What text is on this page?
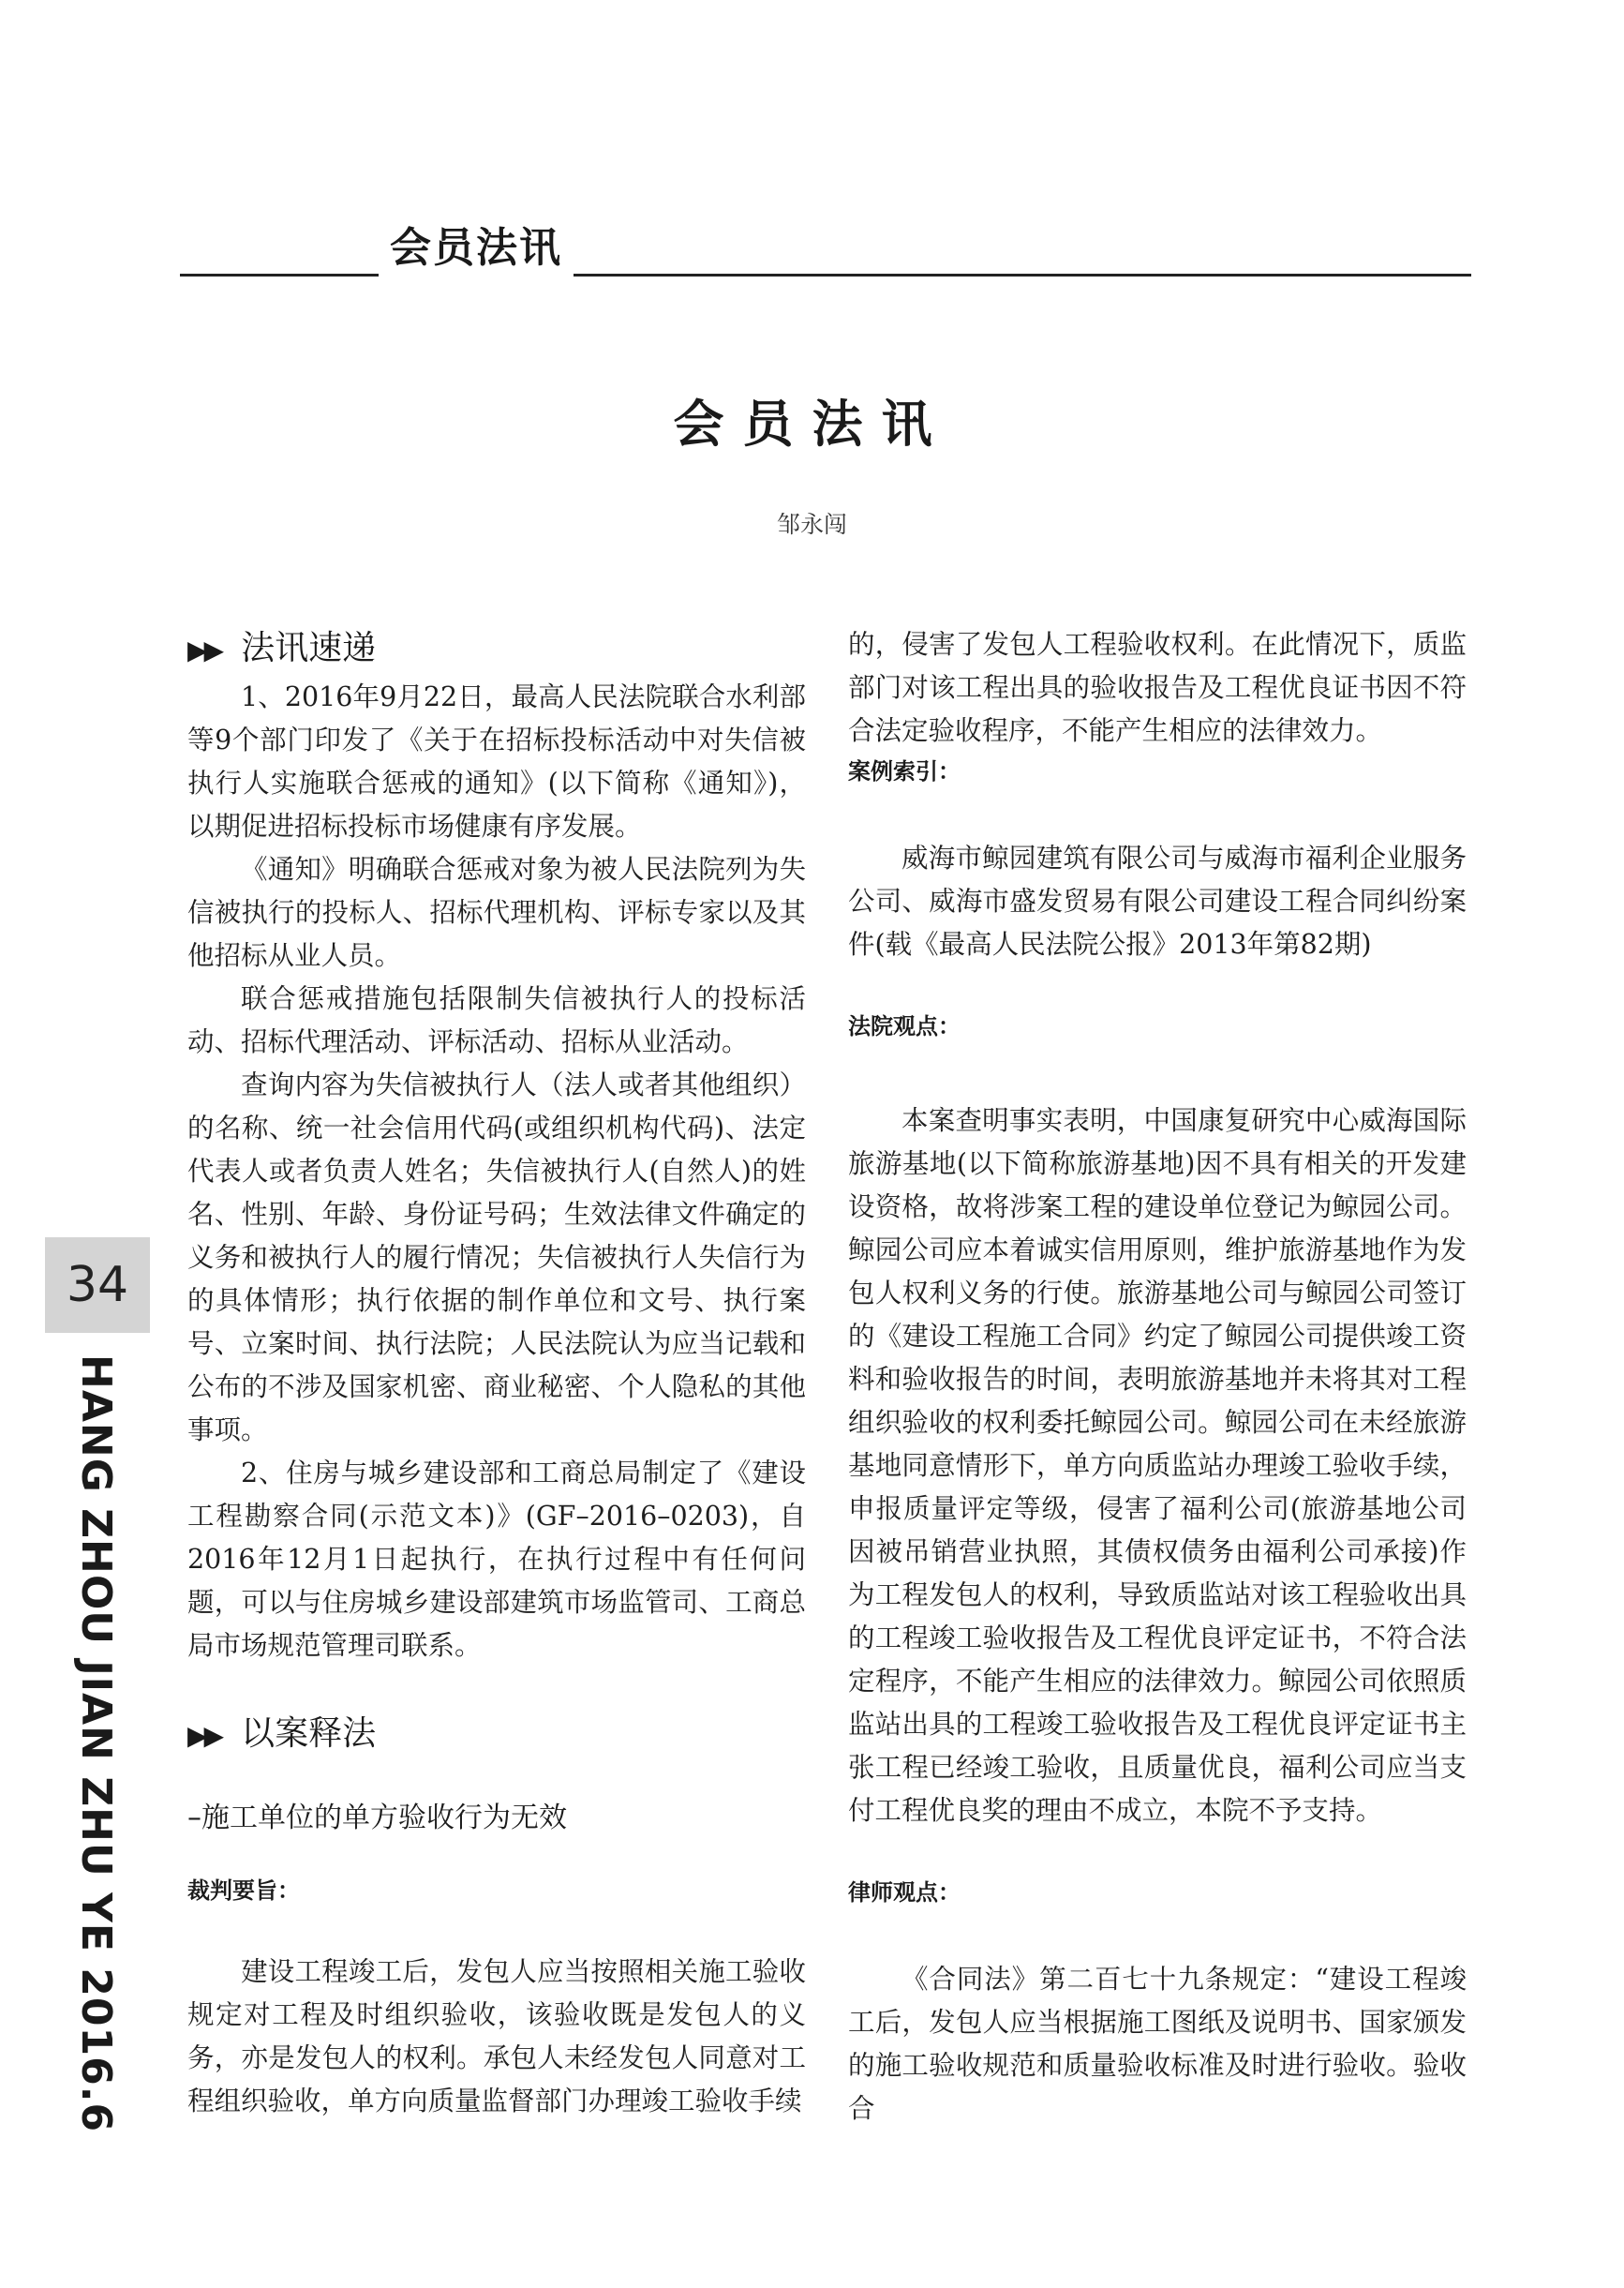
会员法讯
会员法讯
邹永闯

▶▶ 法讯速递

1、2016年9月22日，最高人民法院联合水利部等9个部门印发了《关于在招标投标活动中对失信被执行人实施联合惩戒的通知》(以下简称《通知》)，以期促进招标投标市场健康有序发展。

《通知》明确联合惩戒对象为被人民法院列为失信被执行的投标人、招标代理机构、评标专家以及其他招标从业人员。

联合惩戒措施包括限制失信被执行人的投标活动、招标代理活动、评标活动、招标从业活动。

查询内容为失信被执行人（法人或者其他组织）的名称、统一社会信用代码(或组织机构代码)、法定代表人或者负责人姓名；失信被执行人(自然人)的姓名、性别、年龄、身份证号码；生效法律文件确定的义务和被执行人的履行情况；失信被执行人失信行为的具体情形；执行依据的制作单位和文号、执行案号、立案时间、执行法院；人民法院认为应当记载和公布的不涉及国家机密、商业秘密、个人隐私的其他事项。

2、住房与城乡建设部和工商总局制定了《建设工程勘察合同(示范文本)》(GF–2016–0203)，自2016年12月1日起执行，在执行过程中有任何问题，可以与住房城乡建设部建筑市场监管司、工商总局市场规范管理司联系。

▶▶ 以案释法

–施工单位的单方验收行为无效

裁判要旨：

建设工程竣工后，发包人应当按照相关施工验收规定对工程及时组织验收，该验收既是发包人的义务，亦是发包人的权利。承包人未经发包人同意对工程组织验收，单方向质量监督部门办理竣工验收手续

的，侵害了发包人工程验收权利。在此情况下，质监部门对该工程出具的验收报告及工程优良证书因不符合法定验收程序，不能产生相应的法律效力。

案例索引：

威海市鲸园建筑有限公司与威海市福利企业服务公司、威海市盛发贸易有限公司建设工程合同纠纷案件(载《最高人民法院公报》2013年第82期)

法院观点：

本案查明事实表明，中国康复研究中心威海国际旅游基地(以下简称旅游基地)因不具有相关的开发建设资格，故将涉案工程的建设单位登记为鲸园公司。鲸园公司应本着诚实信用原则，维护旅游基地作为发包人权利义务的行使。旅游基地公司与鲸园公司签订的《建设工程施工合同》约定了鲸园公司提供竣工资料和验收报告的时间，表明旅游基地并未将其对工程组织验收的权利委托鲸园公司。鲸园公司在未经旅游基地同意情形下，单方向质监站办理竣工验收手续，申报质量评定等级，侵害了福利公司(旅游基地公司因被吊销营业执照，其债权债务由福利公司承接)作为工程发包人的权利，导致质监站对该工程验收出具的工程竣工验收报告及工程优良评定证书，不符合法定程序，不能产生相应的法律效力。鲸园公司依照质监站出具的工程竣工验收报告及工程优良评定证书主张工程已经竣工验收，且质量优良，福利公司应当支付工程优良奖的理由不成立，本院不予支持。

律师观点：

《合同法》第二百七十九条规定：“建设工程竣工后，发包人应当根据施工图纸及说明书、国家颁发的施工验收规范和质量验收标准及时进行验收。验收合

34
HANG ZHOU JIAN ZHU YE 2016.6
